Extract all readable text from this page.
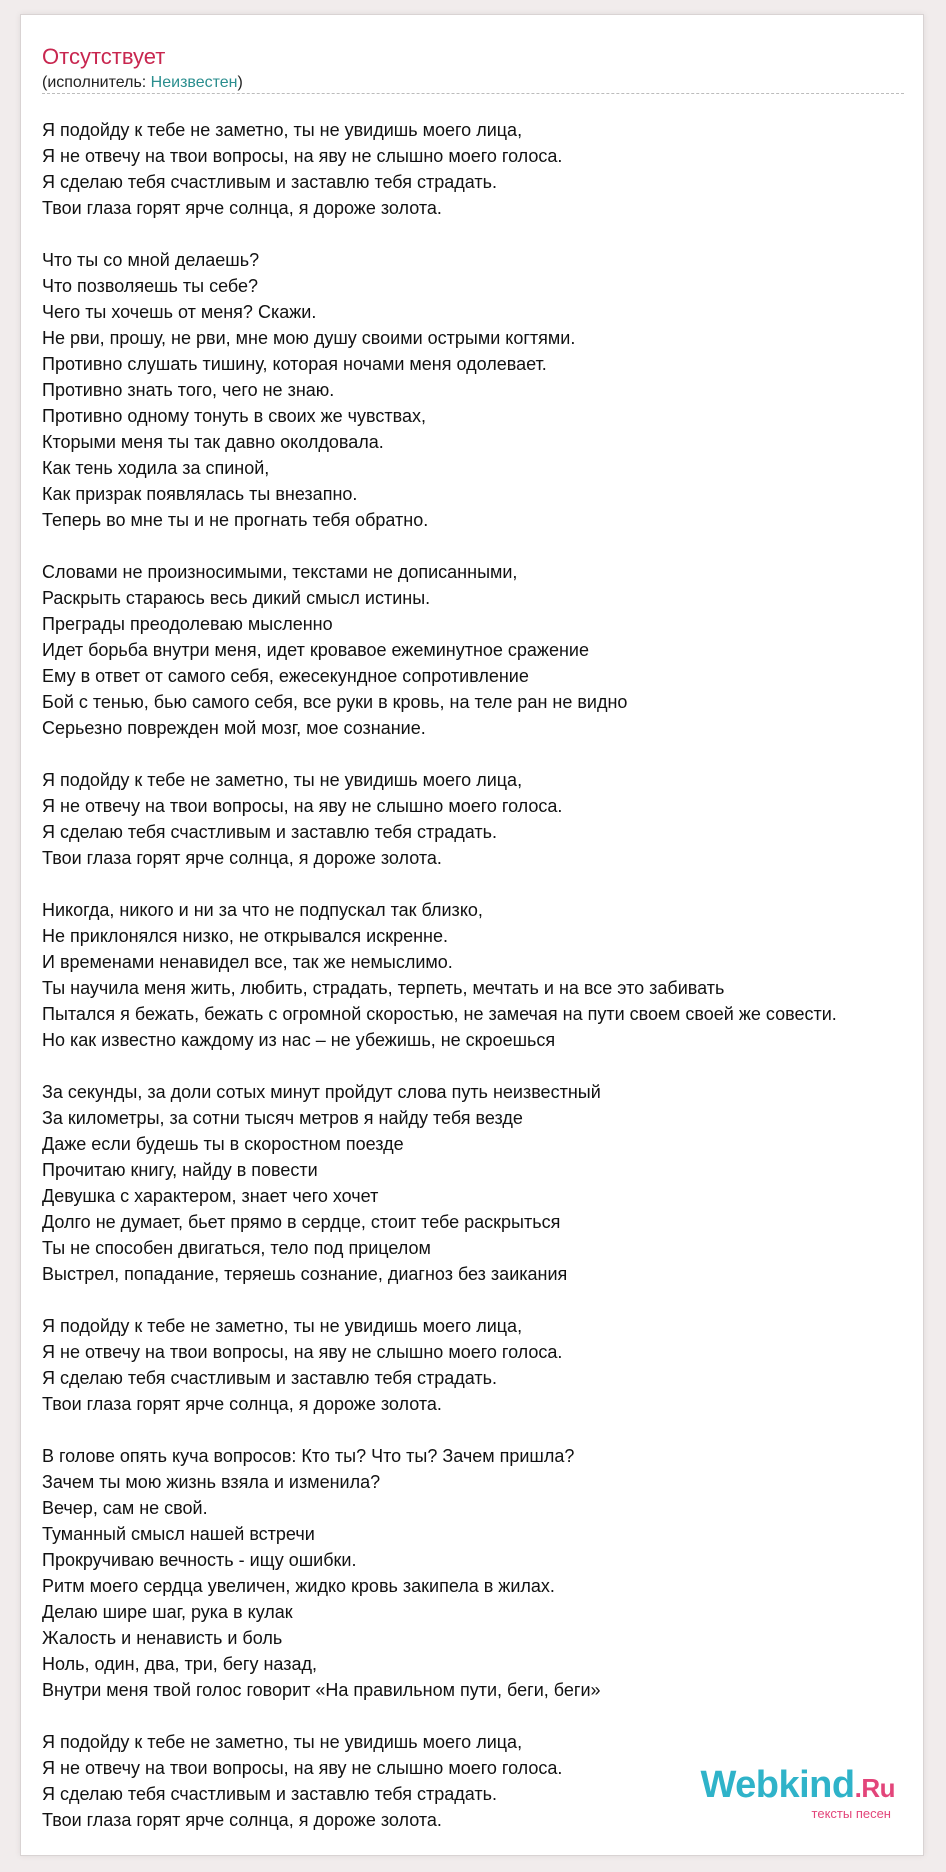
Отсутствует
(исполнитель: Неизвестен)
Я подойду к тебе не заметно, ты не увидишь моего лица,
Я не отвечу на твои вопросы, на яву не слышно моего голоса.
Я сделаю тебя счастливым и заставлю тебя страдать.
Твои глаза горят ярче солнца, я дороже золота.
Что ты со мной делаешь?
Что позволяешь ты себе?
Чего ты хочешь от меня? Скажи.
Не рви, прошу, не рви, мне мою душу своими острыми когтями.
Противно слушать тишину, которая ночами меня одолевает.
Противно знать того, чего не знаю.
Противно одному тонуть в своих же чувствах,
Ктоpыми меня ты так давно околдовала.
Как тень ходила за спиной,
Как призрак появлялась ты внезапно.
Теперь во мне ты и не прогнать тебя обратно.
Словами не произносимыми, текстами не дописанными,
Раскрыть стараюсь весь дикий смысл истины.
Преграды преодолеваю мысленно
Идет борьба внутри меня, идет кровавое ежеминутное сражение
Ему в ответ от самого себя, ежесекундное сопротивление
Бой с тенью, бью самого себя, все руки в кровь, на теле ран не видно
Серьезно поврежден мой мозг, мое сознание.
Я подойду к тебе не заметно, ты не увидишь моего лица,
Я не отвечу на твои вопросы, на яву не слышно моего голоса.
Я сделаю тебя счастливым и заставлю тебя страдать.
Твои глаза горят ярче солнца, я дороже золота.
Никогда, никого и ни за что не подпускал так близко,
Не приклонялся низко, не открывался искренне.
И временами ненавидел все, так же немыслимо.
Ты научила меня жить, любить, страдать, терпеть, мечтать и на все это забивать
Пытался я бежать, бежать с огромной скоростью, не замечая на пути своем своей же совести.
Но как известно каждому из нас – не убежишь, не скроешься
За секунды, за доли сотых минут пройдут слова путь неизвестный
За километры, за сотни тысяч метров я найду тебя везде
Даже если будешь ты в скоростном поезде
Прочитаю книгу, найду в повести
Девушка с характером, знает чего хочет
Долго не думает, бьет прямо в сердце, стоит тебе раскрыться
Ты не способен двигаться, тело под прицелом
Выстрел, попадание, теряешь сознание, диагноз без заикания
Я подойду к тебе не заметно, ты не увидишь моего лица,
Я не отвечу на твои вопросы, на яву не слышно моего голоса.
Я сделаю тебя счастливым и заставлю тебя страдать.
Твои глаза горят ярче солнца, я дороже золота.
В голове опять куча вопросов: Кто ты? Что ты? Зачем пришла?
Зачем ты мою жизнь взяла и изменила?
Вечер, сам не свой.
Туманный смысл нашей встречи
Прокручиваю вечность - ищу ошибки.
Ритм моего сердца увеличен, жидко кровь закипела в жилах.
Делаю шире шаг, рука в кулак
Жалость и ненависть и боль
Ноль, один, два, три, бегу назад,
Внутри меня твой голос говорит «На правильном пути, беги, беги»
Я подойду к тебе не заметно, ты не увидишь моего лица,
Я не отвечу на твои вопросы, на яву не слышно моего голоса.
Я сделаю тебя счастливым и заставлю тебя страдать.
Твои глаза горят ярче солнца, я дороже золота.
Webkind.Ru
тексты песен
